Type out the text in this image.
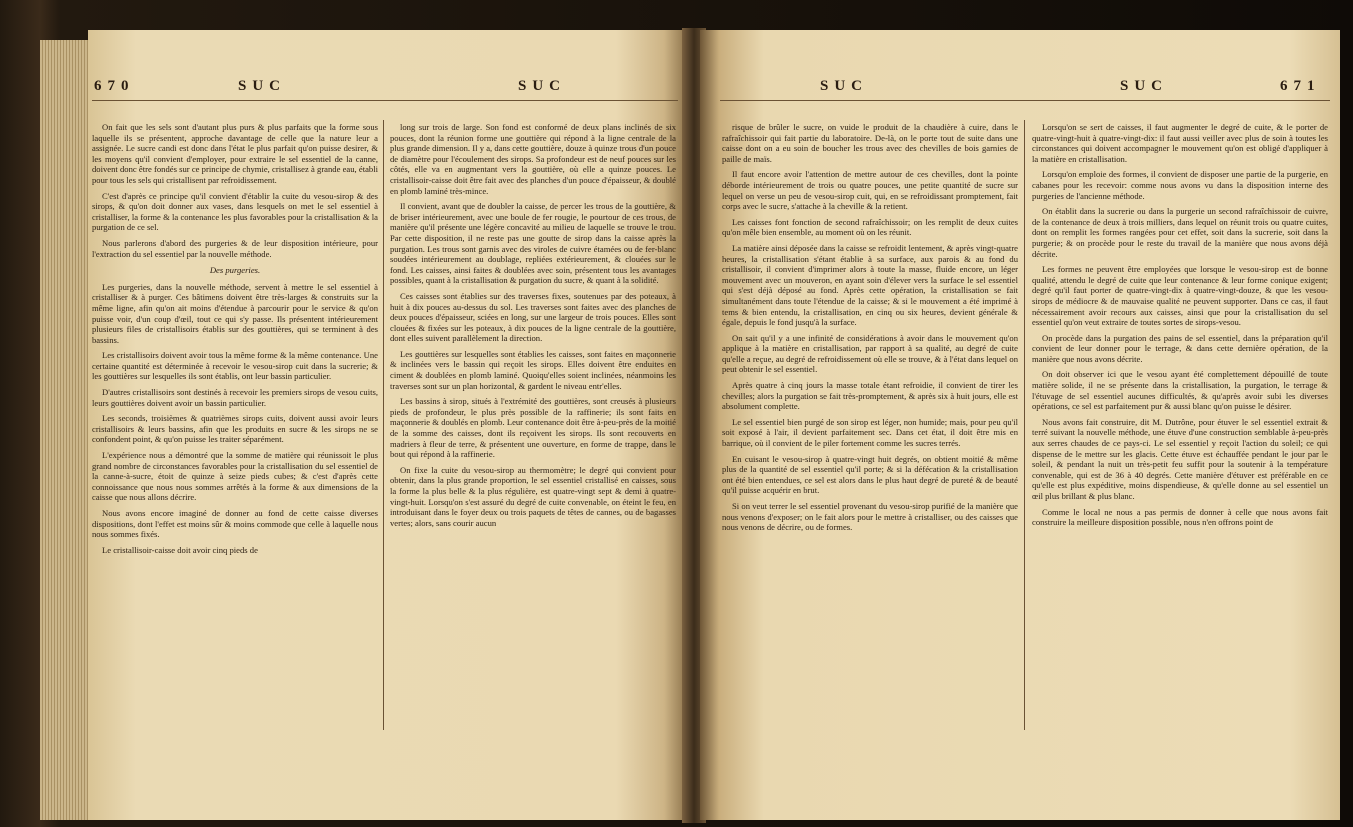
670	SUC	SUC

On fait que les sels sont d'autant plus purs & plus parfaits que la forme sous laquelle ils se présentent, approche davantage de celle que la nature leur a assignée. Le sucre candi est donc dans l'état le plus parfait qu'on puisse desirer, & les moyens qu'il convient d'employer, pour extraire le sel essentiel de la canne, doivent donc être fondés sur ce principe de chymie, cristallisez à grande eau, établi pour tous les sels qui cristallisent par refroidissement.

C'est d'après ce principe qu'il convient d'établir la cuite du vesou-sirop & des sirops, & qu'on doit donner aux vases, dans lesquels on met le sel essentiel à cristalliser, la forme & la contenance les plus favorables pour la cristallisation & la purgation de ce sel.

Nous parlerons d'abord des purgeries & de leur disposition intérieure, pour l'extraction du sel essentiel par la nouvelle méthode.

Des purgeries.

Les purgeries, dans la nouvelle méthode, servent à mettre le sel essentiel à cristalliser & à purger. Ces bâtimens doivent être très-larges & construits sur la même ligne, afin qu'on ait moins d'étendue à parcourir pour le service & qu'on puisse voir, d'un coup d'œil, tout ce qui s'y passe. Ils présentent intérieurement plusieurs files de cristallisoirs établis sur des gouttières, qui se terminent à des bassins.

Les cristallisoirs doivent avoir tous la même forme & la même contenance. Une certaine quantité est déterminée à recevoir le vesou-sirop cuit dans la sucrerie; & les gouttières sur lesquelles ils sont établis, ont leur bassin particulier.

D'autres cristallisoirs sont destinés à recevoir les premiers sirops de vesou cuits, leurs gouttières doivent avoir un bassin particulier.

Les seconds, troisièmes & quatrièmes sirops cuits, doivent aussi avoir leurs cristallisoirs & leurs bassins, afin que les produits en sucre & les sirops ne se confondent point, & qu'on puisse les traiter séparément.

L'expérience nous a démontré que la somme de matière qui réunissoit le plus grand nombre de circonstances favorables pour la cristallisation du sel essentiel de la canne-à-sucre, étoit de quinze à seize pieds cubes; & c'est d'après cette connoissance que nous nous sommes arrêtés à la forme & aux dimensions de la caisse que nous allons décrire.

Nous avons encore imaginé de donner au fond de cette caisse diverses dispositions, dont l'effet est moins sûr & moins commode que celle à laquelle nous nous sommes fixés.

Le cristallisoir-caisse doit avoir cinq pieds de

long sur trois de large. Son fond est conformé de deux plans inclinés de six pouces, dont la réunion forme une gouttière qui répond à la ligne centrale de la plus grande dimension. Il y a, dans cette gouttière, douze à quinze trous d'un pouce de diamètre pour l'écoulement des sirops. Sa profondeur est de neuf pouces sur les côtés, elle va en augmentant vers la gouttière, où elle a quinze pouces. Le cristallisoir-caisse doit être fait avec des planches d'un pouce d'épaisseur, & doublé en plomb laminé très-mince.

Il convient, avant que de doubler la caisse, de percer les trous de la gouttière, & de briser intérieurement, avec une boule de fer rougie, le pourtour de ces trous, de manière qu'il présente une légère concavité au milieu de laquelle se trouve le trou. Par cette disposition, il ne reste pas une goutte de sirop dans la caisse après la purgation. Les trous sont garnis avec des viroles de cuivre étamées ou de fer-blanc soudées intérieurement au doublage, repliées extérieurement, & clouées sur le fond. Les caisses, ainsi faites & doublées avec soin, présentent tous les avantages possibles, quant à la cristallisation & purgation du sucre, & quant à la solidité.

Ces caisses sont établies sur des traverses fixes, soutenues par des poteaux, à huit à dix pouces au-dessus du sol. Les traverses sont faites avec des planches de deux pouces d'épaisseur, sciées en long, sur une largeur de trois pouces. Elles sont clouées & fixées sur les poteaux, à dix pouces de la ligne centrale de la gouttière, dont elles suivent parallèlement la direction.

Les gouttières sur lesquelles sont établies les caisses, sont faites en maçonnerie & inclinées vers le bassin qui reçoit les sirops. Elles doivent être enduites en ciment & doublées en plomb laminé. Quoiqu'elles soient inclinées, néanmoins les traverses sont sur un plan horizontal, & gardent le niveau entr'elles.

Les bassins à sirop, situés à l'extrémité des gouttières, sont creusés à plusieurs pieds de profondeur, le plus près possible de la raffinerie; ils sont faits en maçonnerie & doublés en plomb. Leur contenance doit être à-peu-près de la moitié de la somme des caisses, dont ils reçoivent les sirops. Ils sont recouverts en madriers à fleur de terre, & présentent une ouverture, en forme de trappe, dans le bout qui répond à la raffinerie.

On fixe la cuite du vesou-sirop au thermomètre; le degré qui convient pour obtenir, dans la plus grande proportion, le sel essentiel cristallisé en caisses, sous la forme la plus belle & la plus régulière, est quatre-vingt sept & demi à quatre-vingt-huit. Lorsqu'on s'est assuré du degré de cuite convenable, on éteint le feu, en introduisant dans le foyer deux ou trois paquets de têtes de cannes, ou de bagasses vertes; alors, sans courir aucun

SUC	SUC	671

risque de brûler le sucre, on vuide le produit de la chaudière à cuire, dans le rafraîchissoir qui fait partie du laboratoire. De-là, on le porte tout de suite dans une caisse dont on a eu soin de boucher les trous avec des chevilles de bois garnies de paille de maïs.

Il faut encore avoir l'attention de mettre autour de ces chevilles, dont la pointe déborde intérieurement de trois ou quatre pouces, une petite quantité de sucre sur lequel on verse un peu de vesou-sirop cuit, qui, en se refroidissant promptement, fait corps avec le sucre, s'attache à la cheville & la retient.

Les caisses font fonction de second rafraîchissoir; on les remplit de deux cuites qu'on mêle bien ensemble, au moment où on les réunit.

La matière ainsi déposée dans la caisse se refroidit lentement, & après vingt-quatre heures, la cristallisation s'étant établie à sa surface, aux parois & au fond du cristallisoir, il convient d'imprimer alors à toute la masse, fluide encore, un léger mouvement avec un mouveron, en ayant soin d'élever vers la surface le sel essentiel qui s'est déjà déposé au fond. Après cette opération, la cristallisation se fait simultanément dans toute l'étendue de la caisse; & si le mouvement a été imprimé à tems & bien entendu, la cristallisation, en cinq ou six heures, devient générale & égale, depuis le fond jusqu'à la surface.

On sait qu'il y a une infinité de considérations à avoir dans le mouvement qu'on applique à la matière en cristallisation, par rapport à sa qualité, au degré de cuite qu'elle a reçue, au degré de refroidissement où elle se trouve, & à l'état dans lequel on peut obtenir le sel essentiel.

Après quatre à cinq jours la masse totale étant refroidie, il convient de tirer les chevilles; alors la purgation se fait très-promptement, & après six à huit jours, elle est absolument complette.

Le sel essentiel bien purgé de son sirop est léger, non humide; mais, pour peu qu'il soit exposé à l'air, il devient parfaitement sec. Dans cet état, il doit être mis en barrique, où il convient de le piler fortement comme les sucres terrés.

En cuisant le vesou-sirop à quatre-vingt huit degrés, on obtient moitié & même plus de la quantité de sel essentiel qu'il porte; & si la défécation & la cristallisation ont été bien entendues, ce sel est alors dans le plus haut degré de pureté & de beauté qu'il puisse acquérir en brut.

Si on veut terrer le sel essentiel provenant du vesou-sirop purifié de la manière que nous venons d'exposer; on le fait alors pour le mettre à cristalliser, ou des caisses que nous venons de décrire, ou de formes.

Lorsqu'on se sert de caisses, il faut augmenter le degré de cuite, & le porter de quatre-vingt-huit à quatre-vingt-dix: il faut aussi veiller avec plus de soin à toutes les circonstances qui doivent accompagner le mouvement qu'on est obligé d'appliquer à la matière en cristallisation.

Lorsqu'on emploie des formes, il convient de disposer une partie de la purgerie, en cabanes pour les recevoir: comme nous avons vu dans la disposition interne des purgeries de l'ancienne méthode.

On établit dans la sucrerie ou dans la purgerie un second rafraîchissoir de cuivre, de la contenance de deux à trois milliers, dans lequel on réunit trois ou quatre cuites, dont on remplit les formes rangées pour cet effet, soit dans la sucrerie, soit dans la purgerie; & on procède pour le reste du travail de la manière que nous avons déjà décrite.

Les formes ne peuvent être employées que lorsque le vesou-sirop est de bonne qualité, attendu le degré de cuite que leur contenance & leur forme conique exigent; degré qu'il faut porter de quatre-vingt-dix à quatre-vingt-douze, & que les vesou-sirops de médiocre & de mauvaise qualité ne peuvent supporter. Dans ce cas, il faut nécessairement avoir recours aux caisses, ainsi que pour la cristallisation du sel essentiel qu'on veut extraire de toutes sortes de sirops-vesou.

On procède dans la purgation des pains de sel essentiel, dans la préparation qu'il convient de leur donner pour le terrage, & dans cette dernière opération, de la manière que nous avons décrite.

On doit observer ici que le vesou ayant été complettement dépouillé de toute matière solide, il ne se présente dans la cristallisation, la purgation, le terrage & l'étuvage de sel essentiel aucunes difficultés, & qu'après avoir subi les diverses opérations, ce sel est parfaitement pur & aussi blanc qu'on puisse le désirer.

Nous avons fait construire, dit M. Dutrône, pour étuver le sel essentiel extrait & terré suivant la nouvelle méthode, une étuve d'une construction semblable à-peu-près aux serres chaudes de ce pays-ci. Le sel essentiel y reçoit l'action du soleil; ce qui dispense de le mettre sur les glacis. Cette étuve est échauffée pendant le jour par le soleil, & pendant la nuit un très-petit feu suffit pour la soutenir à la température convenable, qui est de 36 à 40 degrés. Cette manière d'étuver est préférable en ce qu'elle est plus expéditive, moins dispendieuse, & qu'elle donne au sel essentiel un œil plus brillant & plus blanc.

Comme le local ne nous a pas permis de donner à celle que nous avons fait construire la meilleure disposition possible, nous n'en offrons point de
